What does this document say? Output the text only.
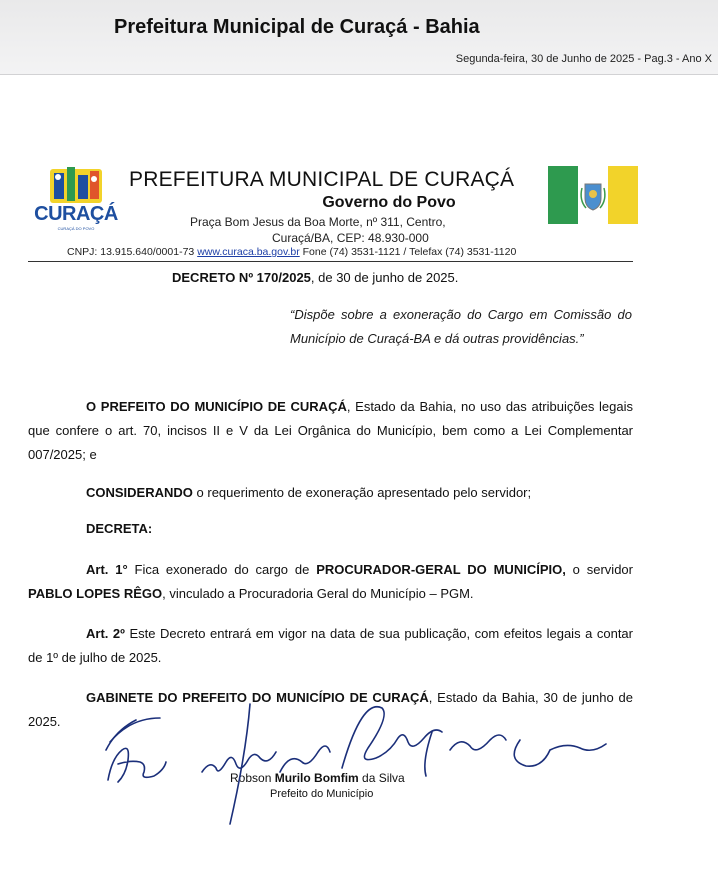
Prefeitura Municipal de Curaçá - Bahia
Segunda-feira, 30 de Junho de 2025 - Pag.3 - Ano X
CURAÇÁ
CURAÇÁ DO POVO
PREFEITURA MUNICIPAL DE CURAÇÁ
Governo do Povo
Praça Bom Jesus da Boa Morte, nº 311, Centro,
Curaçá/BA, CEP: 48.930-000
CNPJ: 13.915.640/0001-73 www.curaca.ba.gov.br Fone (74) 3531-1121 / Telefax (74) 3531-1120
DECRETO Nº 170/2025, de 30 de junho de 2025.
“Dispõe sobre a exoneração do Cargo em Comissão do Município de Curaçá-BA e dá outras providências.”
O PREFEITO DO MUNICÍPIO DE CURAÇÁ, Estado da Bahia, no uso das atribuições legais que confere o art. 70, incisos II e V da Lei Orgânica do Município, bem como a Lei Complementar 007/2025; e
CONSIDERANDO o requerimento de exoneração apresentado pelo servidor;
DECRETA:
Art. 1° Fica exonerado do cargo de PROCURADOR-GERAL DO MUNICÍPIO, o servidor PABLO LOPES RÊGO, vinculado a Procuradoria Geral do Município – PGM.
Art. 2º Este Decreto entrará em vigor na data de sua publicação, com efeitos legais a contar de 1º de julho de 2025.
GABINETE DO PREFEITO DO MUNICÍPIO DE CURAÇÁ, Estado da Bahia, 30 de junho de 2025.
Robson Murilo Bomfim da Silva
Prefeito do Município
